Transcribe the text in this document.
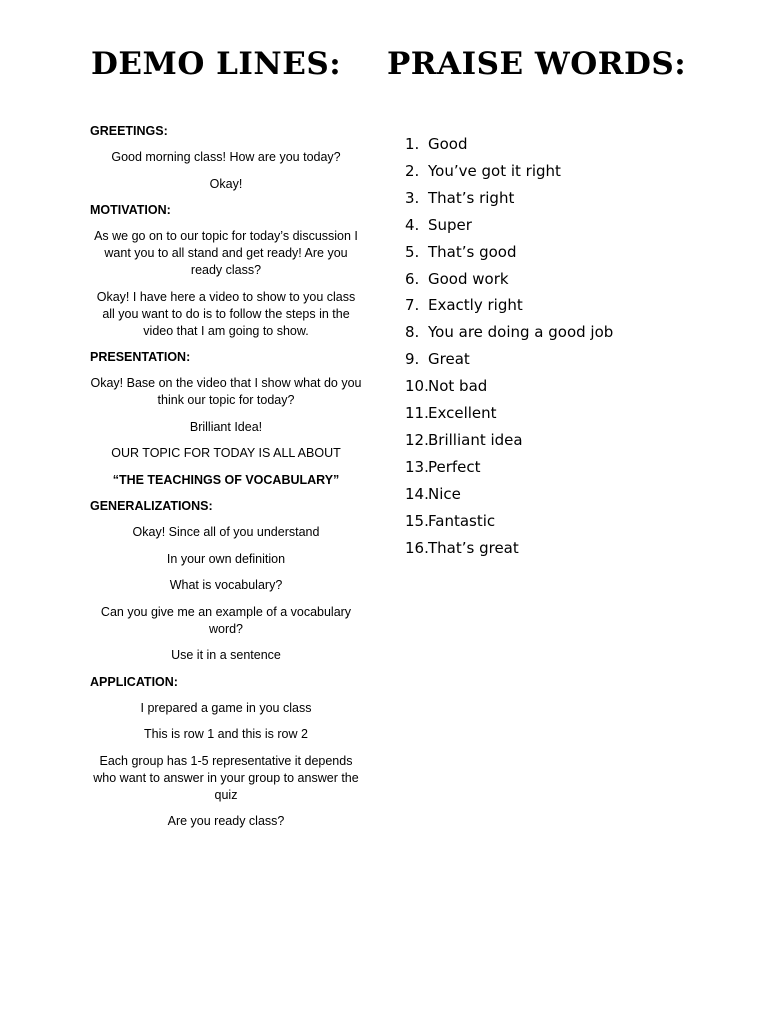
DEMO LINES: PRAISE WORDS:
GREETINGS:
Good morning class! How are you today?
Okay!
MOTIVATION:
As we go on to our topic for today’s discussion I want you to all stand and get ready! Are you ready class?
Okay! I have here a video to show to you class all you want to do is to follow the steps in the video that I am going to show.
PRESENTATION:
Okay! Base on the video that I show what do you think our topic for today?
Brilliant Idea!
OUR TOPIC FOR TODAY IS ALL ABOUT
“THE TEACHINGS OF VOCABULARY”
GENERALIZATIONS:
Okay! Since all of you understand
In your own definition
What is vocabulary?
Can you give me an example of a vocabulary word?
Use it in a sentence
APPLICATION:
I prepared a game in you class
This is row 1 and this is row 2
Each group has 1-5 representative it depends who want to answer in your group to answer the quiz
Are you ready class?
1. Good
2. You’ve got it right
3. That’s right
4. Super
5. That’s good
6. Good work
7. Exactly right
8. You are doing a good job
9. Great
10. Not bad
11. Excellent
12. Brilliant idea
13. Perfect
14. Nice
15. Fantastic
16. That’s great
